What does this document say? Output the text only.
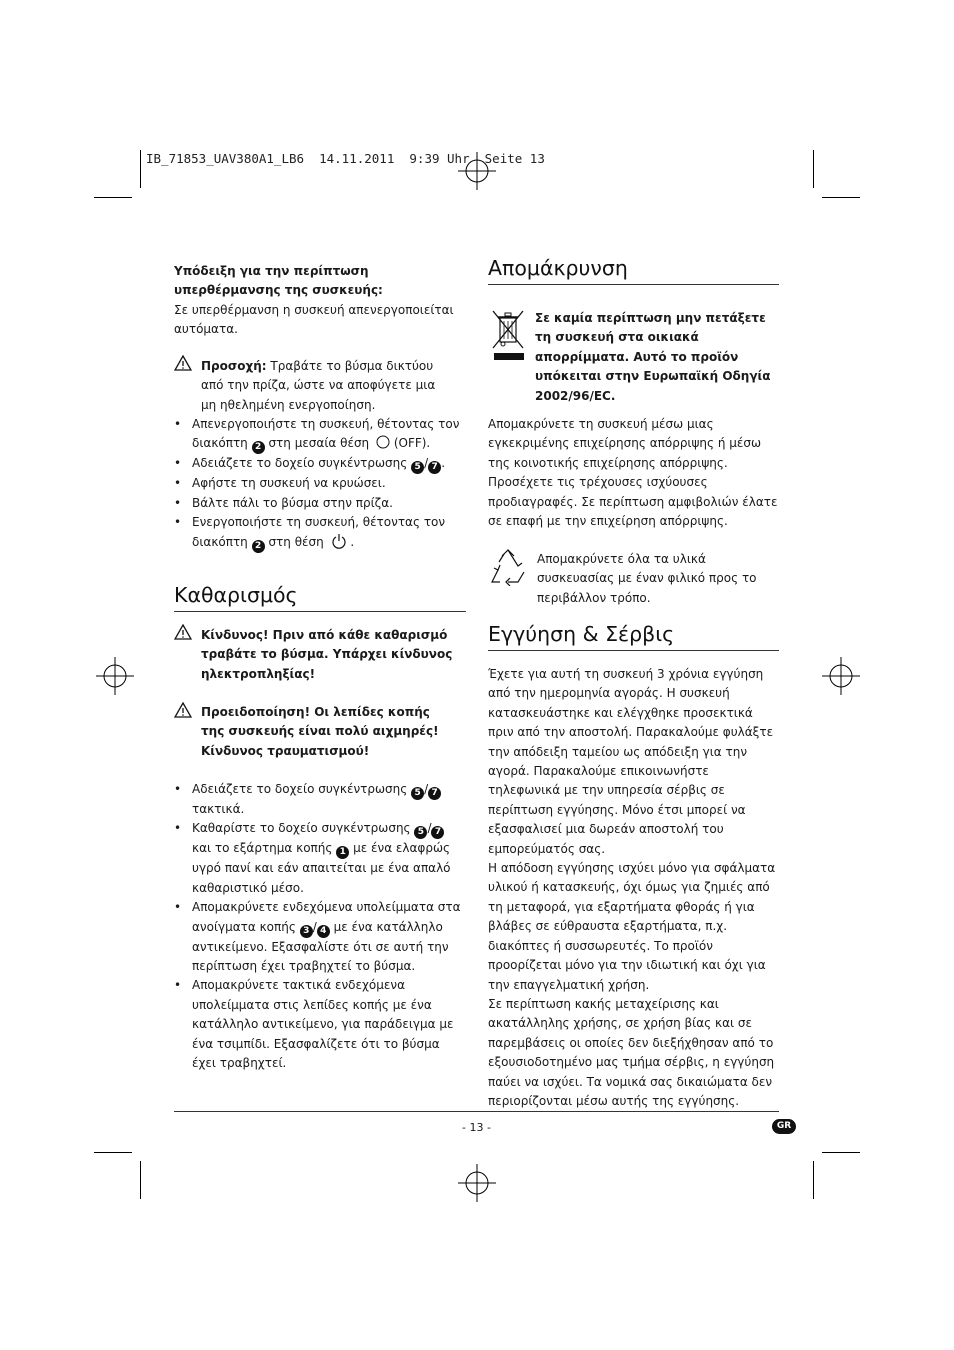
IB_71853_UAV380A1_LB6  14.11.2011  9:39 Uhr  Seite 13

Υπόδειξη για την περίπτωση υπερθέρμανσης της συσκευής:

Σε υπερθέρμανση η συσκευή απενεργοποιείται αυτόματα.

Προσοχή: Τραβάτε το βύσμα δικτύου από την πρίζα, ώστε να αποφύγετε μια μη ηθελημένη ενεργοποίηση.
• Απενεργοποιήστε τη συσκευή, θέτοντας τον διακόπτη 2 στη μεσαία θέση (OFF).
• Αδειάζετε το δοχείο συγκέντρωσης 5 / 7 .
• Αφήστε τη συσκευή να κρυώσει.
• Βάλτε πάλι το βύσμα στην πρίζα.
• Ενεργοποιήστε τη συσκευή, θέτοντας τον διακόπτη 2 στη θέση  .
Καθαρισμός
Κίνδυνος! Πριν από κάθε καθαρισμό τραβάτε το βύσμα. Υπάρχει κίνδυνος ηλεκτροπληξίας!
Προειδοποίηση! Οι λεπίδες κοπής της συσκευής είναι πολύ αιχμηρές! Κίνδυνος τραυματισμού!
• Αδειάζετε το δοχείο συγκέντρωσης 5 / 7 τακτικά.
• Καθαρίστε το δοχείο συγκέντρωσης 5 / 7 και το εξάρτημα κοπής 1 με ένα ελαφρώς υγρό πανί και εάν απαιτείται με ένα απαλό καθαριστικό μέσο.
• Απομακρύνετε ενδεχόμενα υπολείμματα στα ανοίγματα κοπής 3 / 4 με ένα κατάλληλο αντικείμενο. Εξασφαλίστε ότι σε αυτή την περίπτωση έχει τραβηχτεί το βύσμα.
• Απομακρύνετε τακτικά ενδεχόμενα υπολείμματα στις λεπίδες κοπής με ένα κατάλληλο αντικείμενο, για παράδειγμα με ένα τσιμπίδι. Εξασφαλίζετε ότι το βύσμα έχει τραβηχτεί.
Απομάκρυνση
Σε καμία περίπτωση μην πετάξετε τη συσκευή στα οικιακά απορρίμματα. Αυτό το προϊόν υπόκειται στην Ευρωπαϊκή Οδηγία 2002/96/EC.

Απομακρύνετε τη συσκευή μέσω μιας εγκεκριμένης επιχείρησης απόρριψης ή μέσω της κοινοτικής επιχείρησης απόρριψης.

Προσέχετε τις τρέχουσες ισχύουσες προδιαγραφές. Σε περίπτωση αμφιβολιών έλατε σε επαφή με την επιχείρηση απόρριψης.

Απομακρύνετε όλα τα υλικά συσκευασίας με έναν φιλικό προς το περιβάλλον τρόπο.
Εγγύηση & Σέρβις

Έχετε για αυτή τη συσκευή 3 χρόνια εγγύηση από την ημερομηνία αγοράς. Η συσκευή κατασκευάστηκε και ελέγχθηκε προσεκτικά πριν από την αποστολή. Παρακαλούμε φυλάξτε την απόδειξη ταμείου ως απόδειξη για την αγορά. Παρακαλούμε επικοινωνήστε τηλεφωνικά με την υπηρεσία σέρβις σε περίπτωση εγγύησης. Μόνο έτσι μπορεί να εξασφαλισεί μια δωρεάν αποστολή του εμπορεύματός σας.

Η απόδοση εγγύησης ισχύει μόνο για σφάλματα υλικού ή κατασκευής, όχι όμως για ζημιές από τη μεταφορά, για εξαρτήματα φθοράς ή για βλάβες σε εύθραυστα εξαρτήματα, π.χ. διακόπτες ή συσσωρευτές. Το προϊόν προορίζεται μόνο για την ιδιωτική και όχι για την επαγγελματική χρήση.

Σε περίπτωση κακής μεταχείρισης και ακατάλληλης χρήσης, σε χρήση βίας και σε παρεμβάσεις οι οποίες δεν διεξήχθησαν από το εξουσιοδοτημένο μας τμήμα σέρβις, η εγγύηση παύει να ισχύει. Τα νομικά σας δικαιώματα δεν περιορίζονται μέσω αυτής της εγγύησης.

- 13 -	GR
